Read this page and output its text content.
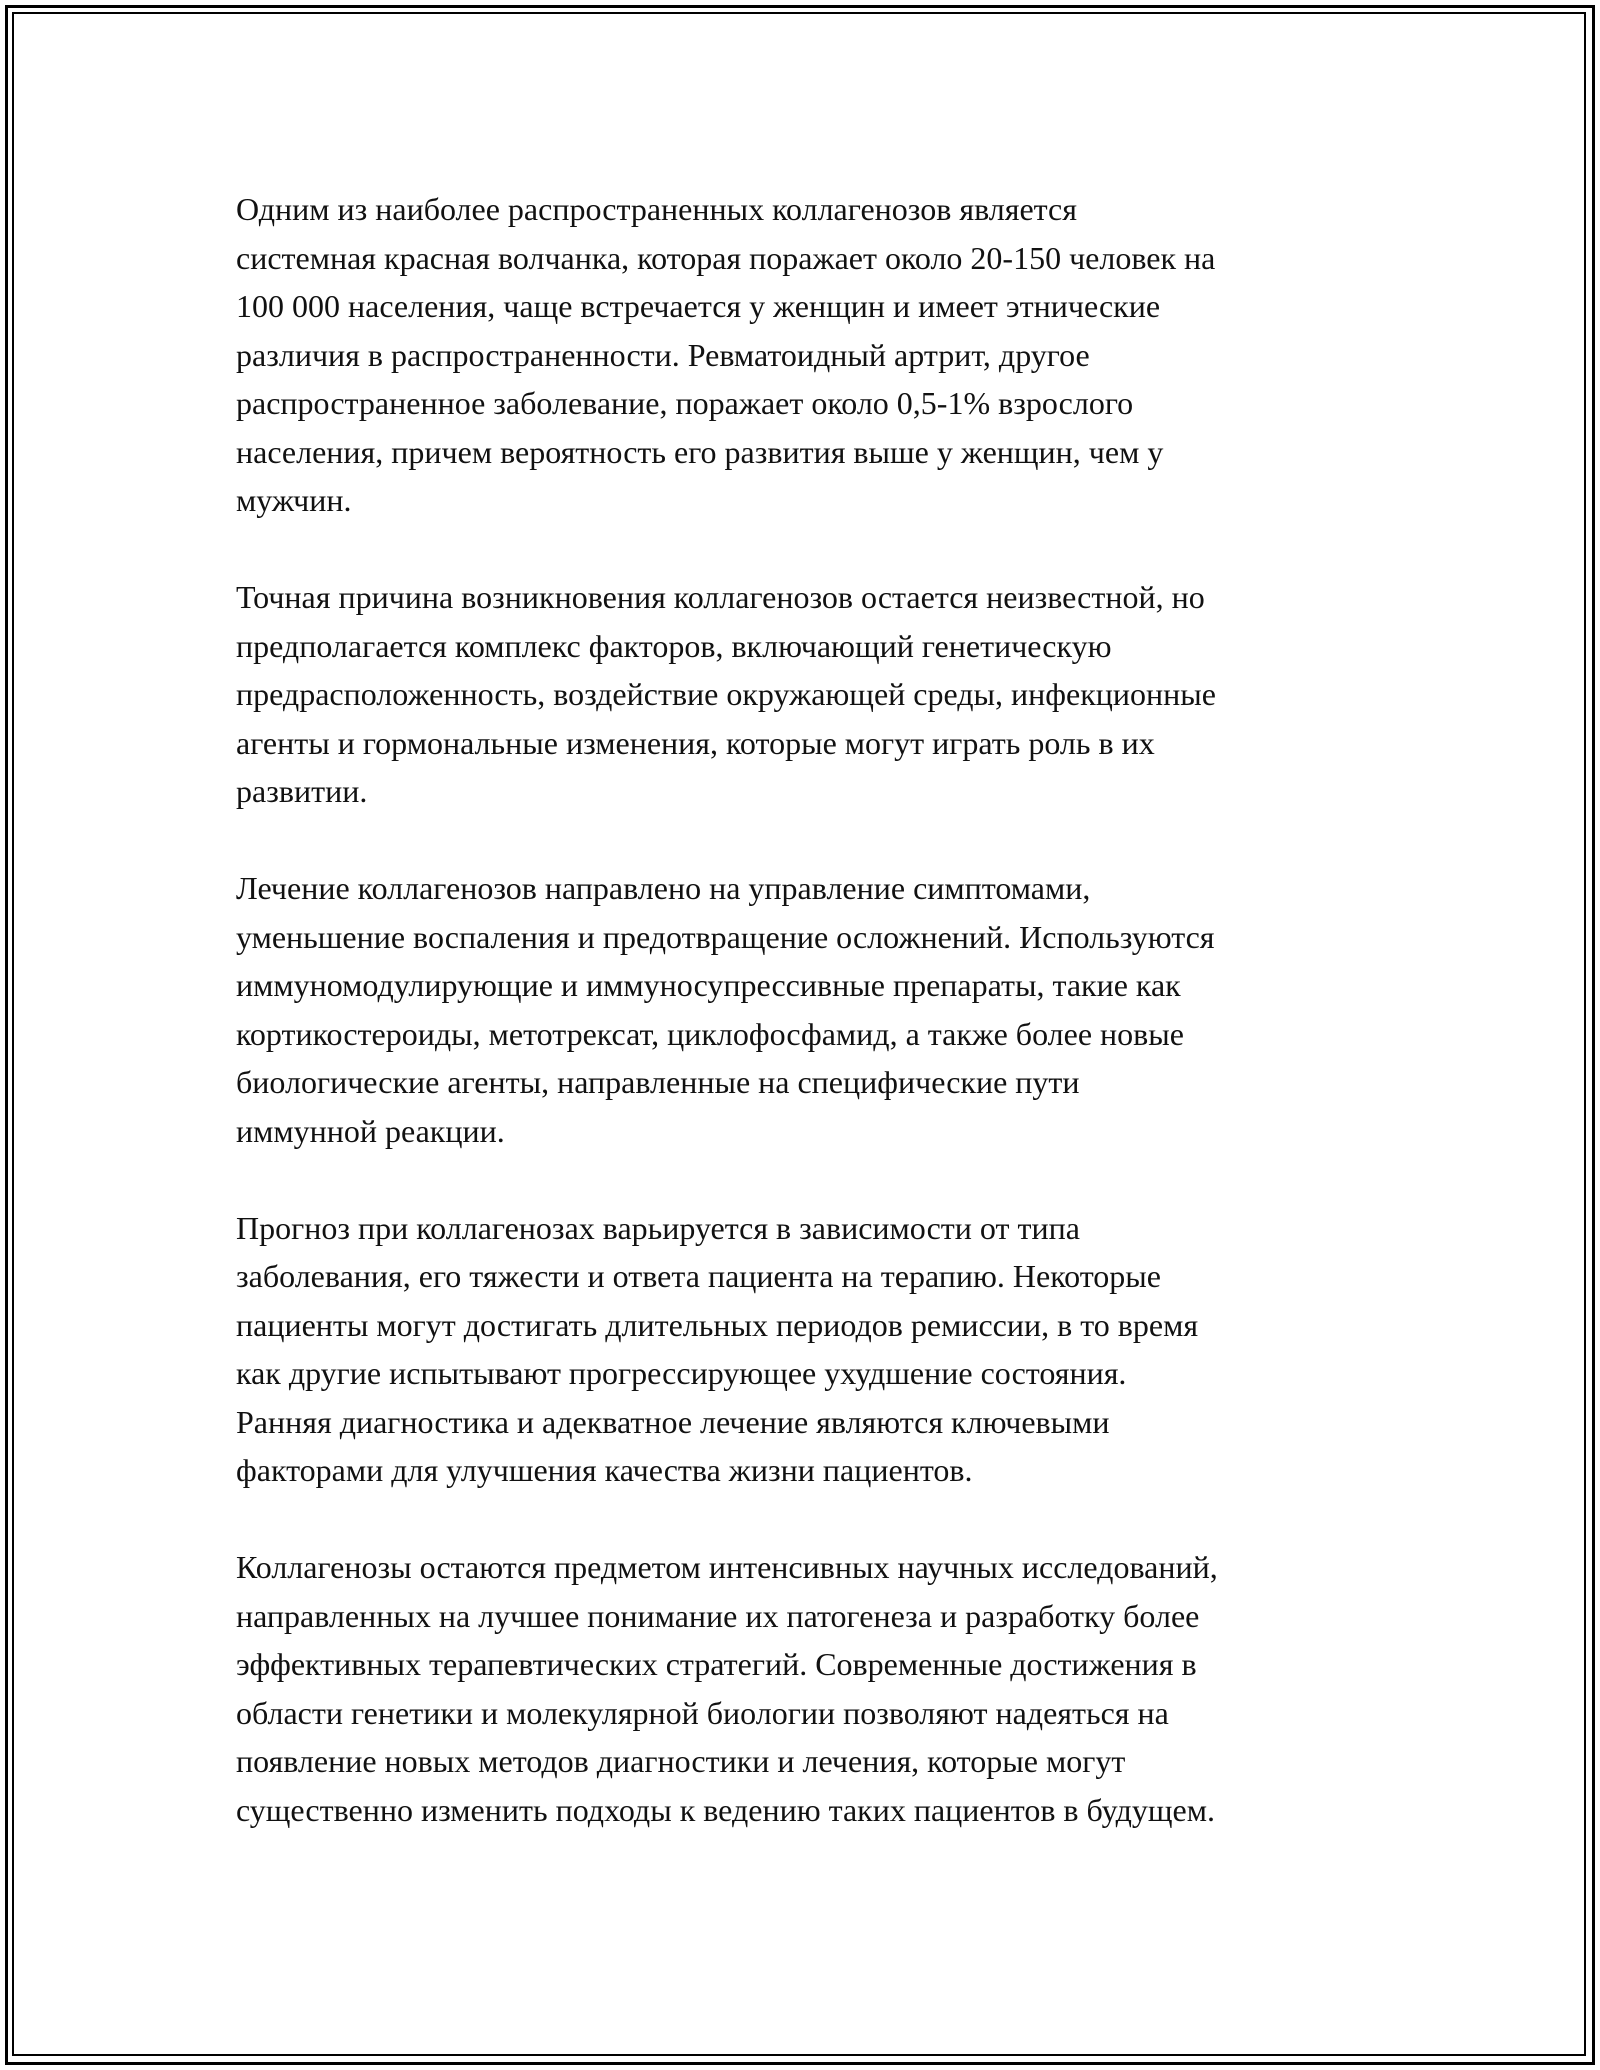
Одним из наиболее распространенных коллагенозов является
системная красная волчанка, которая поражает около 20-150 человек на
100 000 населения, чаще встречается у женщин и имеет этнические
различия в распространенности. Ревматоидный артрит, другое
распространенное заболевание, поражает около 0,5-1% взрослого
населения, причем вероятность его развития выше у женщин, чем у
мужчин.

Точная причина возникновения коллагенозов остается неизвестной, но
предполагается комплекс факторов, включающий генетическую
предрасположенность, воздействие окружающей среды, инфекционные
агенты и гормональные изменения, которые могут играть роль в их
развитии.

Лечение коллагенозов направлено на управление симптомами,
уменьшение воспаления и предотвращение осложнений. Используются
иммуномодулирующие и иммуносупрессивные препараты, такие как
кортикостероиды, метотрексат, циклофосфамид, а также более новые
биологические агенты, направленные на специфические пути
иммунной реакции.

Прогноз при коллагенозах варьируется в зависимости от типа
заболевания, его тяжести и ответа пациента на терапию. Некоторые
пациенты могут достигать длительных периодов ремиссии, в то время
как другие испытывают прогрессирующее ухудшение состояния.
Ранняя диагностика и адекватное лечение являются ключевыми
факторами для улучшения качества жизни пациентов.

Коллагенозы остаются предметом интенсивных научных исследований,
направленных на лучшее понимание их патогенеза и разработку более
эффективных терапевтических стратегий. Современные достижения в
области генетики и молекулярной биологии позволяют надеяться на
появление новых методов диагностики и лечения, которые могут
существенно изменить подходы к ведению таких пациентов в будущем.
